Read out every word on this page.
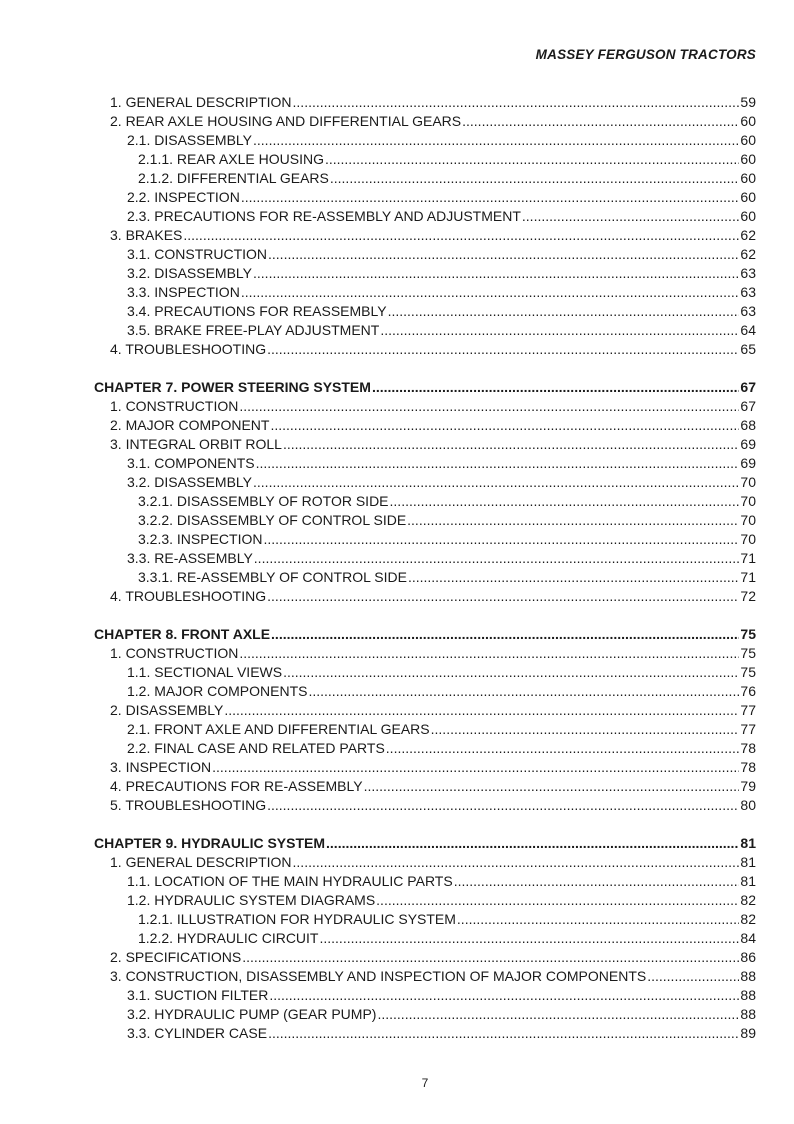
MASSEY FERGUSON TRACTORS
1. GENERAL DESCRIPTION .....	59
2. REAR AXLE HOUSING AND DIFFERENTIAL GEARS .....	60
2.1. DISASSEMBLY .....	60
2.1.1. REAR AXLE HOUSING .....	60
2.1.2. DIFFERENTIAL GEARS .....	60
2.2. INSPECTION .....	60
2.3. PRECAUTIONS FOR RE-ASSEMBLY AND ADJUSTMENT .....	60
3. BRAKES .....	62
3.1. CONSTRUCTION .....	62
3.2. DISASSEMBLY .....	63
3.3. INSPECTION .....	63
3.4. PRECAUTIONS FOR REASSEMBLY .....	63
3.5. BRAKE FREE-PLAY ADJUSTMENT .....	64
4. TROUBLESHOOTING .....	65
CHAPTER 7. POWER STEERING SYSTEM .....	67
1. CONSTRUCTION .....	67
2. MAJOR COMPONENT .....	68
3. INTEGRAL ORBIT ROLL .....	69
3.1. COMPONENTS .....	69
3.2. DISASSEMBLY .....	70
3.2.1. DISASSEMBLY OF ROTOR SIDE .....	70
3.2.2. DISASSEMBLY OF CONTROL SIDE .....	70
3.2.3. INSPECTION .....	70
3.3. RE-ASSEMBLY .....	71
3.3.1. RE-ASSEMBLY OF CONTROL SIDE .....	71
4. TROUBLESHOOTING .....	72
CHAPTER 8. FRONT AXLE .....	75
1. CONSTRUCTION .....	75
1.1. SECTIONAL VIEWS .....	75
1.2. MAJOR COMPONENTS .....	76
2. DISASSEMBLY .....	77
2.1. FRONT AXLE AND DIFFERENTIAL GEARS .....	77
2.2. FINAL CASE AND RELATED PARTS .....	78
3. INSPECTION .....	78
4. PRECAUTIONS FOR RE-ASSEMBLY .....	79
5. TROUBLESHOOTING .....	80
CHAPTER 9. HYDRAULIC SYSTEM .....	81
1. GENERAL DESCRIPTION .....	81
1.1. LOCATION OF THE MAIN HYDRAULIC PARTS .....	81
1.2. HYDRAULIC SYSTEM DIAGRAMS .....	82
1.2.1. ILLUSTRATION FOR HYDRAULIC SYSTEM .....	82
1.2.2. HYDRAULIC CIRCUIT .....	84
2. SPECIFICATIONS .....	86
3. CONSTRUCTION, DISASSEMBLY AND INSPECTION OF MAJOR COMPONENTS .....	88
3.1. SUCTION FILTER .....	88
3.2. HYDRAULIC PUMP (GEAR PUMP) .....	88
3.3. CYLINDER CASE .....	89
7
